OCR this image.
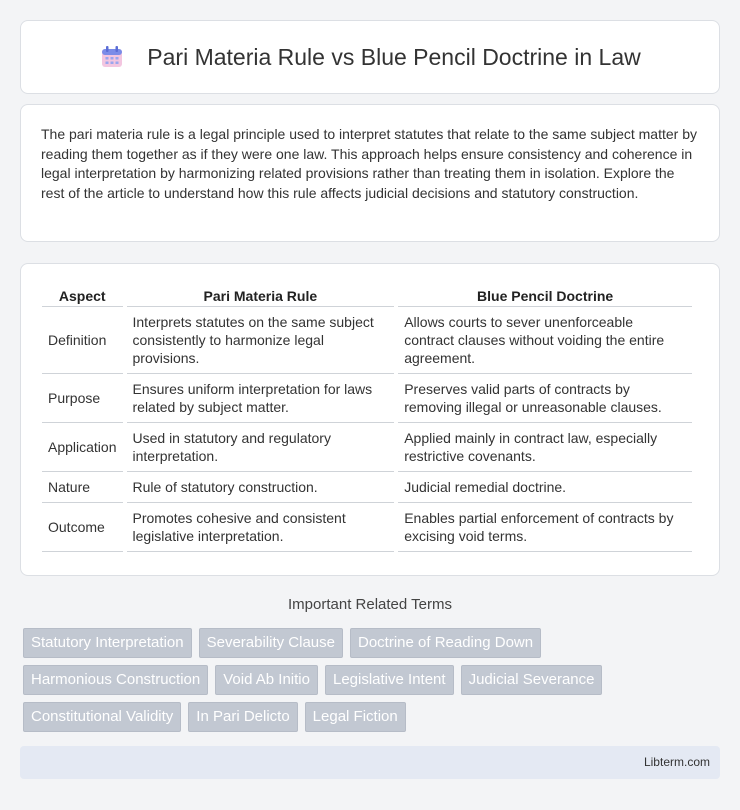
Pari Materia Rule vs Blue Pencil Doctrine in Law

The pari materia rule is a legal principle used to interpret statutes that relate to the same subject matter by reading them together as if they were one law. This approach helps ensure consistency and coherence in legal interpretation by harmonizing related provisions rather than treating them in isolation. Explore the rest of the article to understand how this rule affects judicial decisions and statutory construction.

Aspect	Pari Materia Rule	Blue Pencil Doctrine
Definition	Interprets statutes on the same subject consistently to harmonize legal provisions.	Allows courts to sever unenforceable contract clauses without voiding the entire agreement.
Purpose	Ensures uniform interpretation for laws related by subject matter.	Preserves valid parts of contracts by removing illegal or unreasonable clauses.
Application	Used in statutory and regulatory interpretation.	Applied mainly in contract law, especially restrictive covenants.
Nature	Rule of statutory construction.	Judicial remedial doctrine.
Outcome	Promotes cohesive and consistent legislative interpretation.	Enables partial enforcement of contracts by excising void terms.
Important Related Terms
Statutory Interpretation	Severability Clause	Doctrine of Reading Down
Harmonious Construction	Void Ab Initio	Legislative Intent	Judicial Severance
Constitutional Validity	In Pari Delicto	Legal Fiction
Libterm.com
